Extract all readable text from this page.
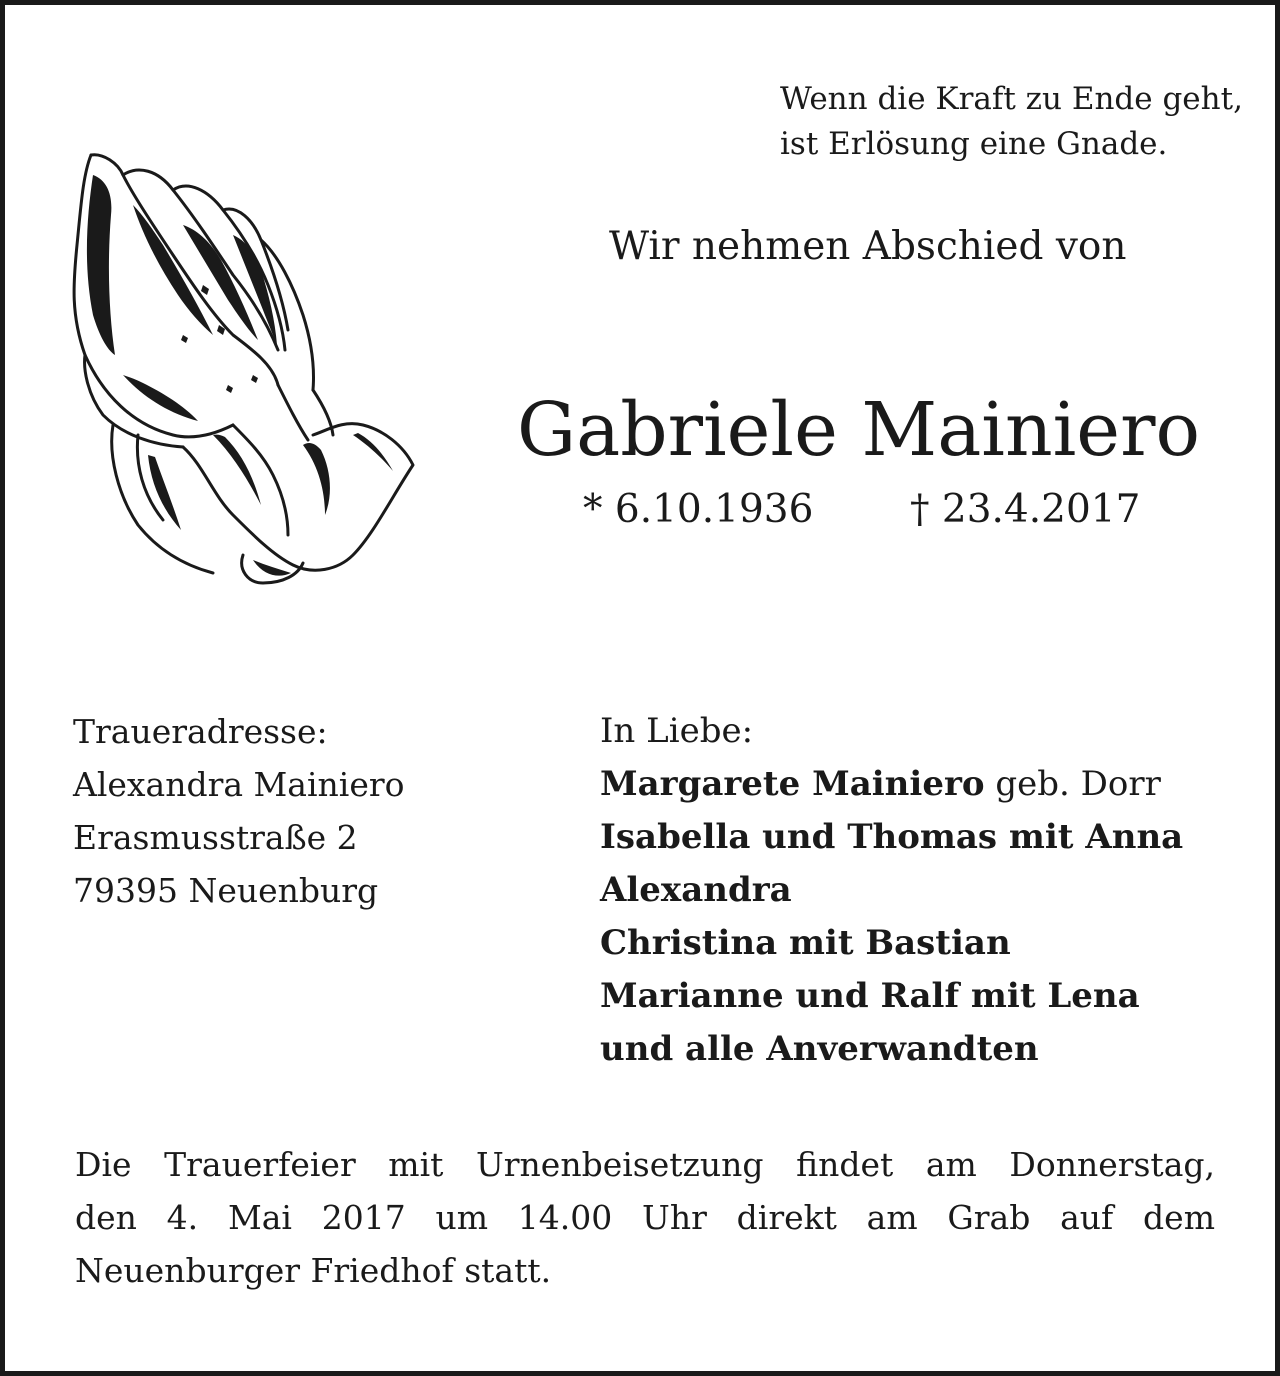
Wenn die Kraft zu Ende geht,
ist Erlösung eine Gnade.
Wir nehmen Abschied von
Gabriele Mainiero
* 6.10.1936 † 23.4.2017
Traueradresse:
Alexandra Mainiero
Erasmusstraße 2
79395 Neuenburg
In Liebe:
Margarete Mainiero geb. Dorr
Isabella und Thomas mit Anna
Alexandra
Christina mit Bastian
Marianne und Ralf mit Lena
und alle Anverwandten
Die Trauerfeier mit Urnenbeisetzung findet am Donnerstag,
den 4. Mai 2017 um 14.00 Uhr direkt am Grab auf dem
Neuenburger Friedhof statt.
